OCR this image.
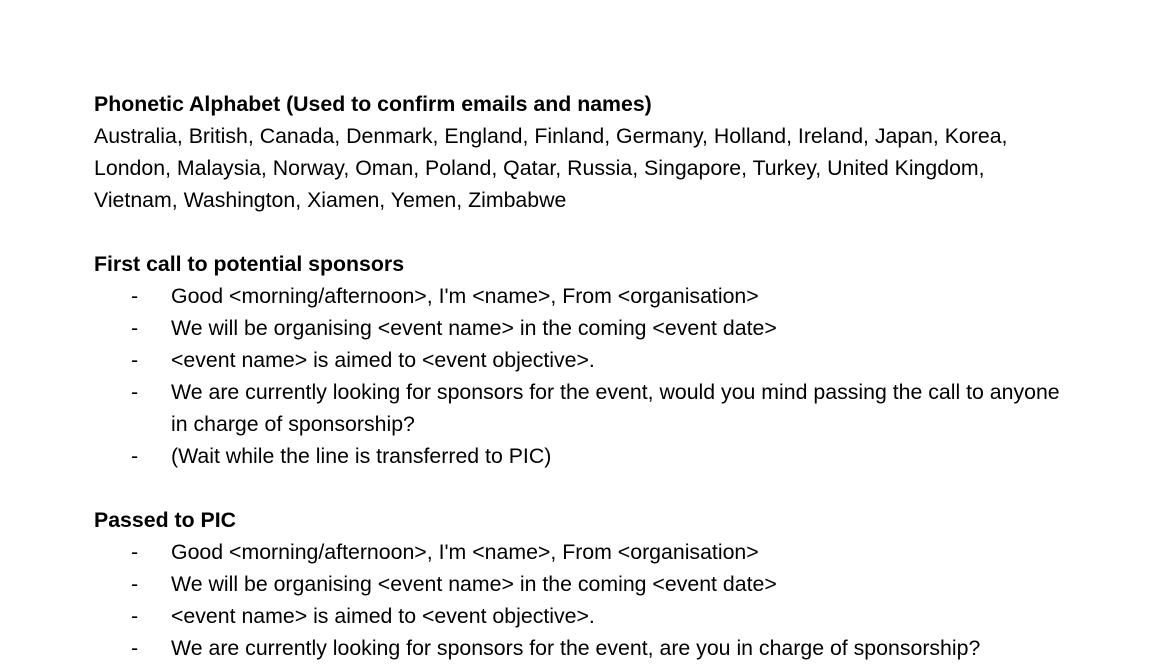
Phonetic Alphabet (Used to confirm emails and names)

Australia, British, Canada, Denmark, England, Finland, Germany, Holland, Ireland, Japan, Korea, London, Malaysia, Norway, Oman, Poland, Qatar, Russia, Singapore, Turkey, United Kingdom, Vietnam, Washington, Xiamen, Yemen, Zimbabwe

First call to potential sponsors

- Good <morning/afternoon>, I'm <name>, From <organisation>
- We will be organising <event name> in the coming <event date>
- <event name> is aimed to <event objective>.
- We are currently looking for sponsors for the event, would you mind passing the call to anyone in charge of sponsorship?
- (Wait while the line is transferred to PIC)

Passed to PIC

- Good <morning/afternoon>, I'm <name>, From <organisation>
- We will be organising <event name> in the coming <event date>
- <event name> is aimed to <event objective>.
- We are currently looking for sponsors for the event, are you in charge of sponsorship?
